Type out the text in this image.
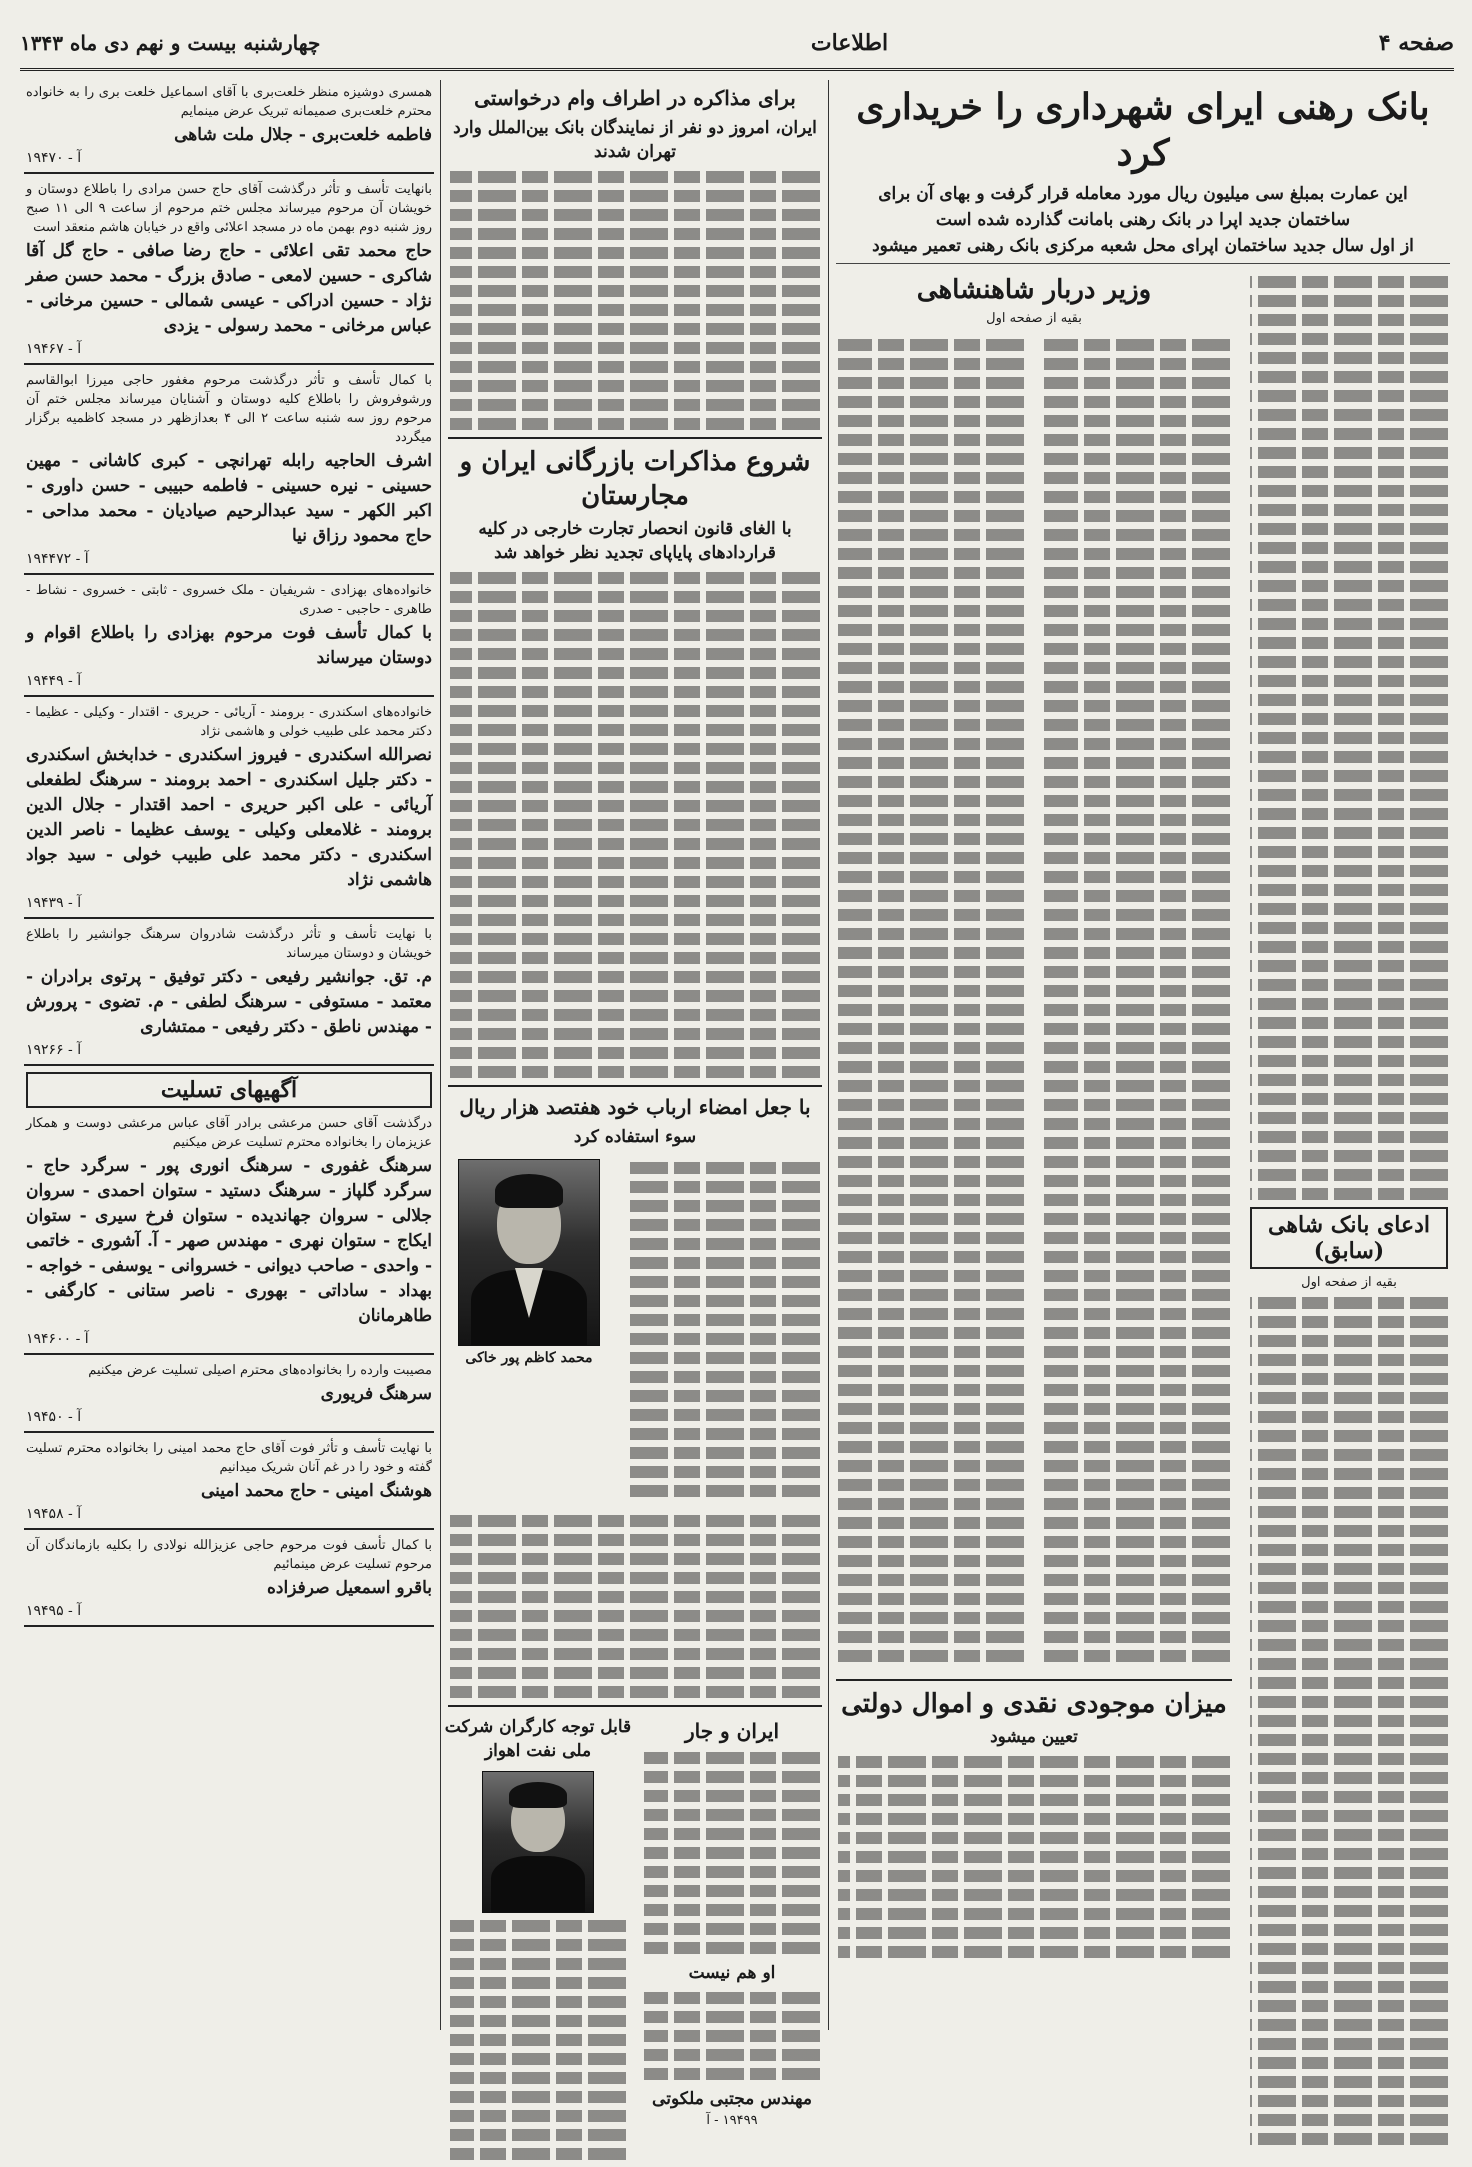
صفحه ۴
اطلاعات
چهارشنبه بیست و نهم دی ماه ۱۳۴۳
بانک رهنی ایرای شهرداری را خریداری کرد
این عمارت بمبلغ سی میلیون ریال مورد معامله قرار گرفت و بهای آن برای
ساختمان جدید اپرا در بانک رهنی بامانت گذارده شده است
از اول سال جدید ساختمان اپرای محل شعبه مرکزی بانک رهنی تعمیر میشود
ادعای بانک شاهی (سابق)
بقیه از صفحه اول
وزیر دربار شاهنشاهی
بقیه از صفحه اول
میزان موجودی نقدی و اموال دولتی
تعیین میشود
برای مذاکره در اطراف وام درخواستی
ایران، امروز دو نفر از نمایندگان بانک بین‌الملل وارد تهران شدند
شروع مذاکرات بازرگانی ایران و مجارستان
با الغای قانون انحصار تجارت خارجی در کلیه قراردادهای پایاپای تجدید نظر خواهد شد
با جعل امضاء ارباب خود هفتصد هزار ریال
سوء استفاده کرد
محمد کاظم پور خاکی
ایران و جار
او هم نیست
مهندس مجتبی ملکوتی
۱۹۴۹۹ - آ
قابل توجه کارگران شرکت ملی نفت اهواز
همسری دوشیزه منظر خلعت‌بری با آقای اسماعیل خلعت بری را به خانواده محترم خلعت‌بری صمیمانه تبریک عرض مینمایم
فاطمه خلعت‌بری - جلال ملت شاهی
آ - ۱۹۴۷۰
بانهایت تأسف و تأثر درگذشت آقای حاج حسن مرادی را باطلاع دوستان و خویشان آن مرحوم میرساند مجلس ختم مرحوم از ساعت ۹ الی ۱۱ صبح روز شنبه دوم بهمن ماه در مسجد اعلائی واقع در خیابان هاشم منعقد است
حاج محمد تقی اعلائی - حاج رضا صافی - حاج گل آقا شاکری - حسین لامعی - صادق بزرگ - محمد حسن صفر نژاد - حسین ادراکی - عیسی شمالی - حسین مرخانی - عباس مرخانی - محمد رسولی - یزدی
آ - ۱۹۴۶۷
با کمال تأسف و تأثر درگذشت مرحوم مغفور حاجی میرزا ابوالقاسم ورشوفروش را باطلاع کلیه دوستان و آشنایان میرساند مجلس ختم آن مرحوم روز سه شنبه ساعت ۲ الی ۴ بعدازظهر در مسجد کاظمیه برگزار میگردد
اشرف الحاجیه رابله تهرانچی - کبری کاشانی - مهین حسینی - نیره حسینی - فاطمه حبیبی - حسن داوری - اکبر الکهر - سید عبدالرحیم صیادیان - محمد مداحی - حاج محمود رزاق نیا
آ - ۱۹۴۴۷۲
خانواده‌های بهزادی - شریفیان - ملک خسروی - ثابتی - خسروی - نشاط - طاهری - حاجبی - صدری
با کمال تأسف فوت مرحوم بهزادی را باطلاع اقوام و دوستان میرساند
آ - ۱۹۴۴۹
خانواده‌های اسکندری - برومند - آریائی - حریری - اقتدار - وکیلی - عظیما - دکتر محمد علی طبیب خولی و هاشمی نژاد
نصرالله اسکندری - فیروز اسکندری - خدابخش اسکندری - دکتر جلیل اسکندری - احمد برومند - سرهنگ لطفعلی آریائی - علی اکبر حریری - احمد اقتدار - جلال الدین برومند - غلامعلی وکیلی - یوسف عظیما - ناصر الدین اسکندری - دکتر محمد علی طبیب خولی - سید جواد هاشمی نژاد
آ - ۱۹۴۳۹
با نهایت تأسف و تأثر درگذشت شادروان سرهنگ جوانشیر را باطلاع خویشان و دوستان میرساند
م. تق. جوانشیر رفیعی - دکتر توفیق - پرتوی برادران - معتمد - مستوفی - سرهنگ لطفی - م. تضوی - پرورش - مهندس ناطق - دکتر رفیعی - ممتشاری
آ - ۱۹۲۶۶
آگهیهای تسلیت
درگذشت آقای حسن مرعشی برادر آقای عباس مرعشی دوست و همکار عزیزمان را بخانواده محترم تسلیت عرض میکنیم
سرهنگ غفوری - سرهنگ انوری پور - سرگرد حاج - سرگرد گلپاز - سرهنگ دستید - ستوان احمدی - سروان جلالی - سروان جهاندیده - ستوان فرخ سیری - ستوان ایکاج - ستوان نهری - مهندس صهر - آ. آشوری - خاتمی - واحدی - صاحب دیوانی - خسروانی - یوسفی - خواجه - بهداد - ساداتی - بهوری - ناصر ستانی - کارگفی - طاهرمانان
آ - ۱۹۴۶۰۰
مصیبت وارده را بخانواده‌های محترم اصیلی تسلیت عرض میکنیم
سرهنگ فریوری
آ - ۱۹۴۵۰
با نهایت تأسف و تأثر فوت آقای حاج محمد امینی را بخانواده محترم تسلیت گفته و خود را در غم آنان شریک میدانیم
هوشنگ امینی - حاج محمد امینی
آ - ۱۹۴۵۸
با کمال تأسف فوت مرحوم حاجی عزیزالله نولادی را بکلیه بازماندگان آن مرحوم تسلیت عرض مینمائیم
باقرو اسمعیل صرفزاده
آ - ۱۹۴۹۵
